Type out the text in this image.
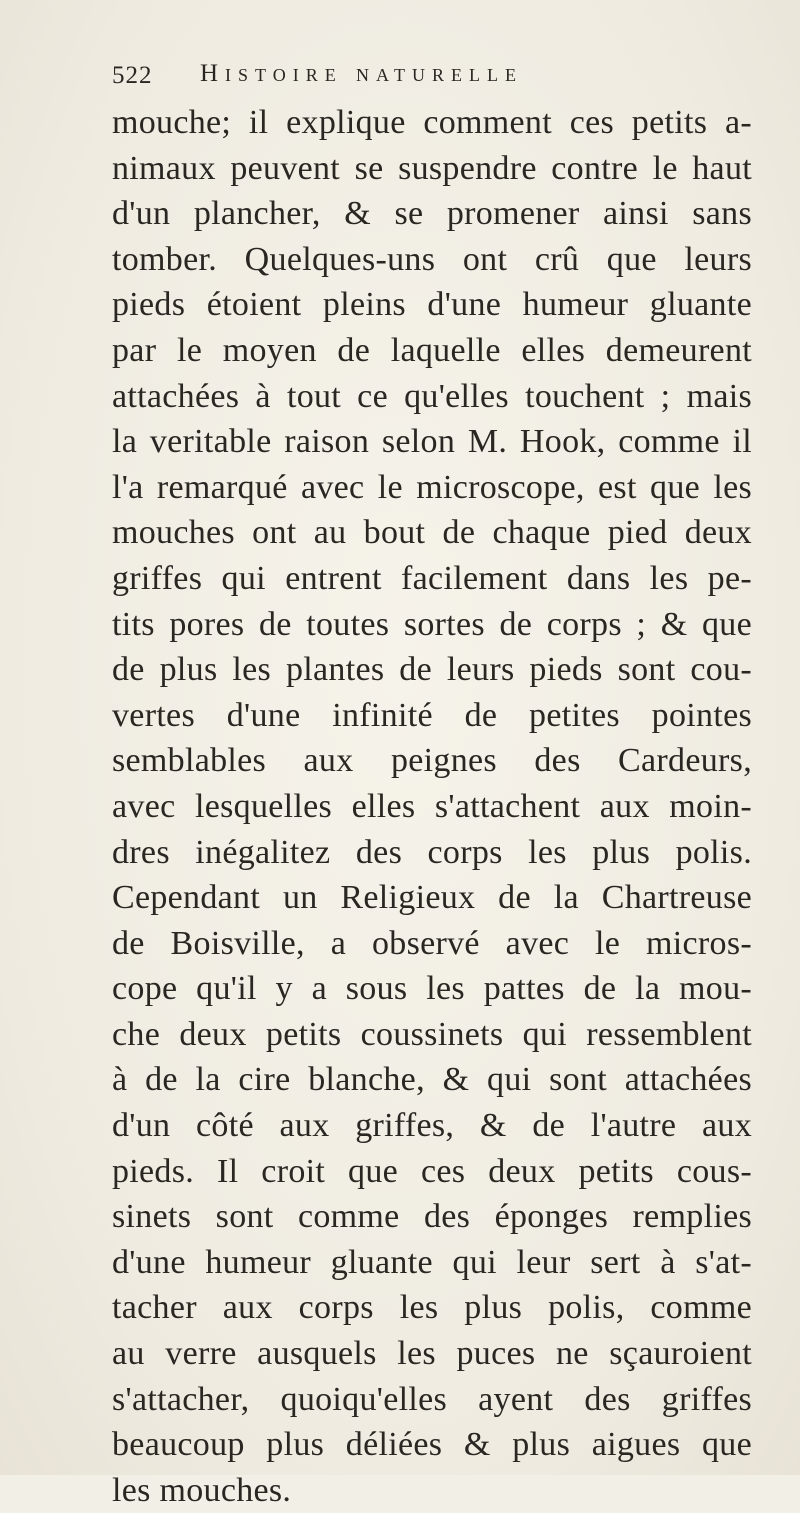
522 Histoire naturelle
mouche; il explique comment ces petits a-
nimaux peuvent se suspendre contre le haut
d'un plancher, & se promener ainsi sans
tomber. Quelques-uns ont crû que leurs
pieds étoient pleins d'une humeur gluante
par le moyen de laquelle elles demeurent
attachées à tout ce qu'elles touchent ; mais
la veritable raison selon M. Hook, comme il
l'a remarqué avec le microscope, est que les
mouches ont au bout de chaque pied deux
griffes qui entrent facilement dans les pe-
tits pores de toutes sortes de corps ; & que
de plus les plantes de leurs pieds sont cou-
vertes d'une infinité de petites pointes
semblables aux peignes des Cardeurs,
avec lesquelles elles s'attachent aux moin-
dres inégalitez des corps les plus polis.
Cependant un Religieux de la Chartreuse
de Boisville, a observé avec le micros-
cope qu'il y a sous les pattes de la mou-
che deux petits coussinets qui ressemblent
à de la cire blanche, & qui sont attachées
d'un côté aux griffes, & de l'autre aux
pieds. Il croit que ces deux petits cous-
sinets sont comme des éponges remplies
d'une humeur gluante qui leur sert à s'at-
tacher aux corps les plus polis, comme
au verre ausquels les puces ne sçauroient
s'attacher, quoiqu'elles ayent des griffes
beaucoup plus déliées & plus aigues que
les mouches.
